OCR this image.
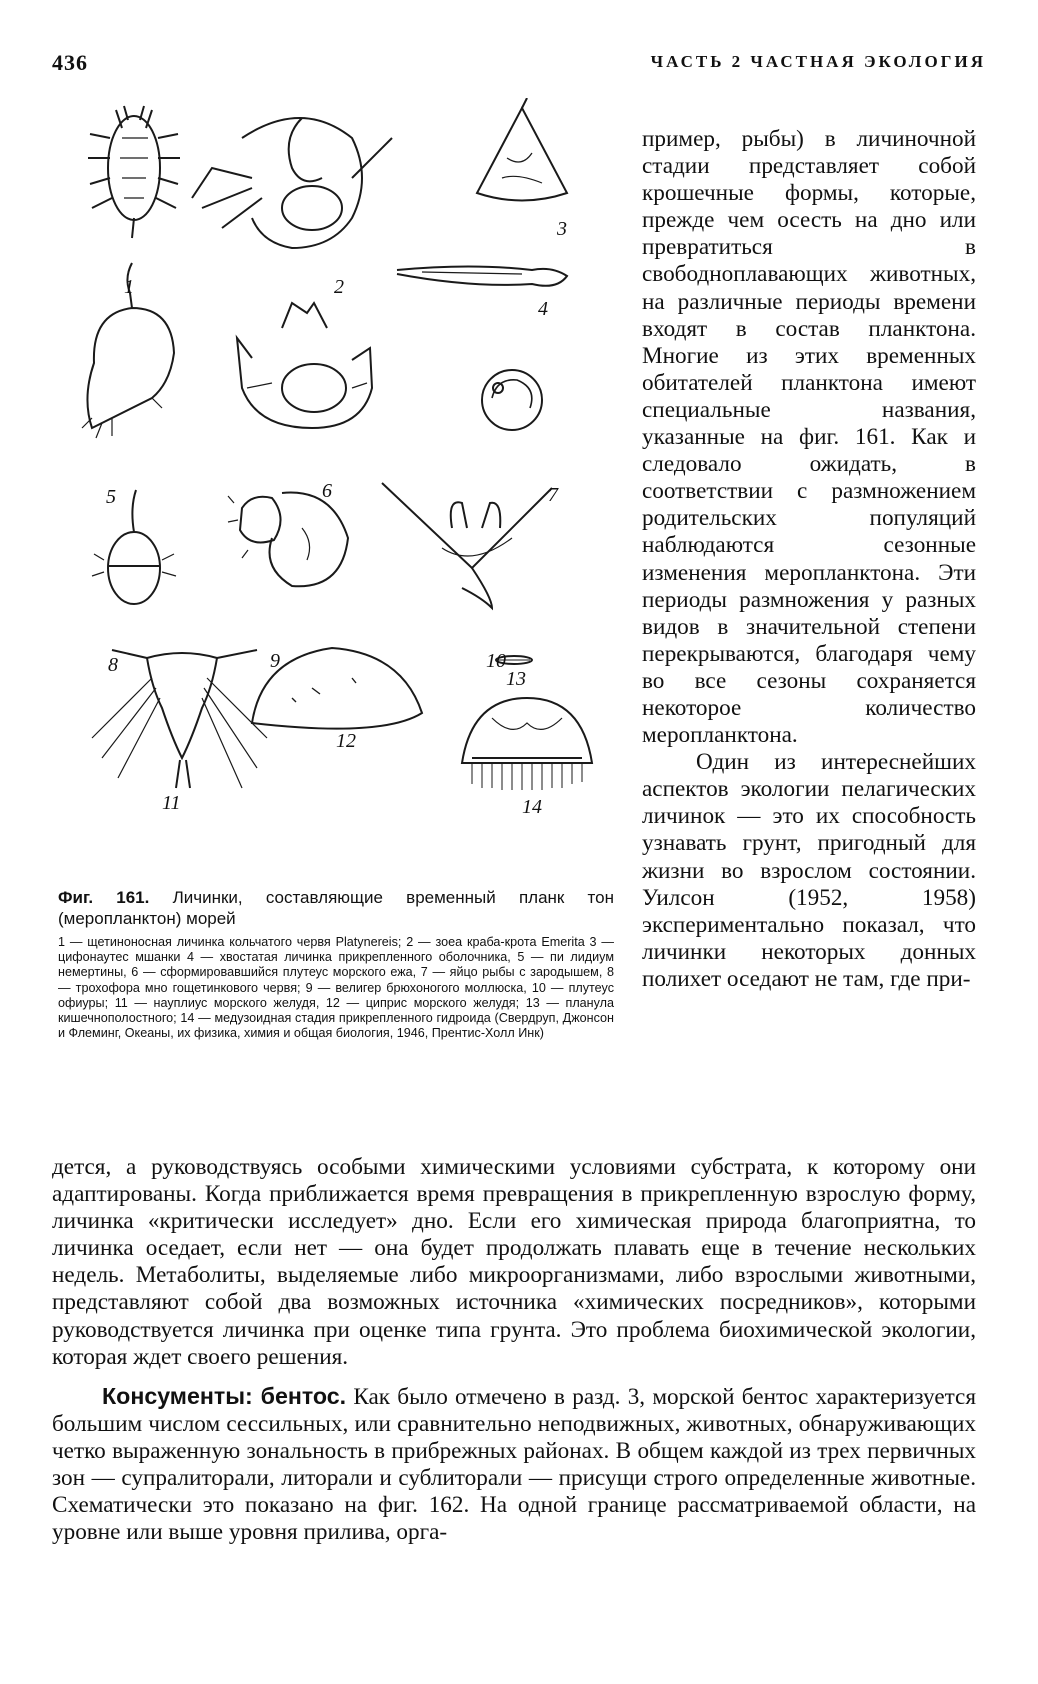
436	ЧАСТЬ 2 ЧАСТНАЯ ЭКОЛОГИЯ
1	2
3
4
5	6	7
8	9	10
11
12
13
14

Фиг. 161. Личинки, составляющие временный планк тон (меропланктон) морей

1 — щетиноносная личинка кольчатого червя Platynereis; 2 — зоеа краба-крота Emerita 3 — цифонаутес мшанки 4 — хвостатая личинка прикрепленного оболочника, 5 — пи лидиум немертины, 6 — сформировавшийся плутеус морского ежа, 7 — яйцо рыбы с зародышем, 8 — трохофора мно гощетинкового червя; 9 — велигер брюхоногого моллюска, 10 — плутеус офиуры; 11 — науплиус морского желудя, 12 — циприс морского желудя; 13 — планула кишечнополостного; 14 — медузоидная стадия прикрепленного гидроида (Свердруп, Джонсон и Флеминг, Океаны, их физика, химия и общая биология, 1946, Прентис-Холл Инк)

пример, рыбы) в личиночной стадии представляет собой крошечные формы, которые, прежде чем осесть на дно или превратиться в свободноплавающих животных, на различные периоды времени входят в состав планктона. Многие из этих временных обитателей планктона имеют специальные названия, указанные на фиг. 161. Как и следовало ожидать, в соответствии с размножением родительских популяций наблюдаются сезонные изменения меропланктона. Эти периоды размножения у разных видов в значительной степени перекрываются, благодаря чему во все сезоны сохраняется некоторое количество меропланктона.

Один из интереснейших аспектов экологии пелагических личинок — это их способность узнавать грунт, пригодный для жизни во взрослом состоянии. Уилсон (1952, 1958) экспериментально показал, что личинки некоторых донных полихет оседают не там, где при-

дется, а руководствуясь особыми химическими условиями субстрата, к которому они адаптированы. Когда приближается время превращения в прикрепленную взрослую форму, личинка «критически исследует» дно. Если его химическая природа благоприятна, то личинка оседает, если нет — она будет продолжать плавать еще в течение нескольких недель. Метаболиты, выделяемые либо микроорганизмами, либо взрослыми животными, представляют собой два возможных источника «химических посредников», которыми руководствуется личинка при оценке типа грунта. Это проблема биохимической экологии, которая ждет своего решения.

Консументы: бентос. Как было отмечено в разд. 3, морской бентос характеризуется большим числом сессильных, или сравнительно неподвижных, животных, обнаруживающих четко выраженную зональность в прибрежных районах. В общем каждой из трех первичных зон — супралиторали, литорали и сублиторали — присущи строго определенные животные. Схематически это показано на фиг. 162. На одной границе рассматриваемой области, на уровне или выше уровня прилива, орга-
